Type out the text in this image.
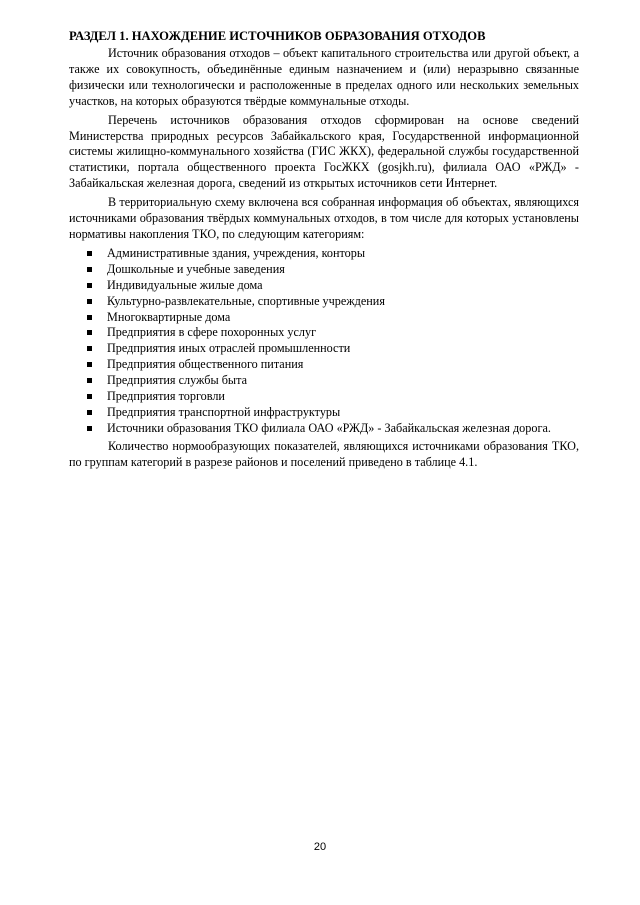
РАЗДЕЛ 1. НАХОЖДЕНИЕ ИСТОЧНИКОВ ОБРАЗОВАНИЯ ОТХОДОВ

Источник образования отходов – объект капитального строительства или другой объект, а также их совокупность, объединённые единым назначением и (или) неразрывно связанные физически или технологически и расположенные в пределах одного или нескольких земельных участков, на которых образуются твёрдые коммунальные отходы.

Перечень источников образования отходов сформирован на основе сведений Министерства природных ресурсов Забайкальского края, Государственной информационной системы жилищно-коммунального хозяйства (ГИС ЖКХ), федеральной службы государственной статистики, портала общественного проекта ГосЖКХ (gosjkh.ru), филиала ОАО «РЖД» - Забайкальская железная дорога, сведений из открытых источников сети Интернет.

В территориальную схему включена вся собранная информация об объектах, являющихся источниками образования твёрдых коммунальных отходов, в том числе для которых установлены нормативы накопления ТКО, по следующим категориям:

Административные здания, учреждения, конторы
Дошкольные и учебные заведения
Индивидуальные жилые дома
Культурно-развлекательные, спортивные учреждения
Многоквартирные дома
Предприятия в сфере похоронных услуг
Предприятия иных отраслей промышленности
Предприятия общественного питания
Предприятия службы быта
Предприятия торговли
Предприятия транспортной инфраструктуры
Источники образования ТКО филиала ОАО «РЖД» - Забайкальская железная дорога.

Количество нормообразующих показателей, являющихся источниками образования ТКО, по группам категорий в разрезе районов и поселений приведено в таблице 4.1.

20
